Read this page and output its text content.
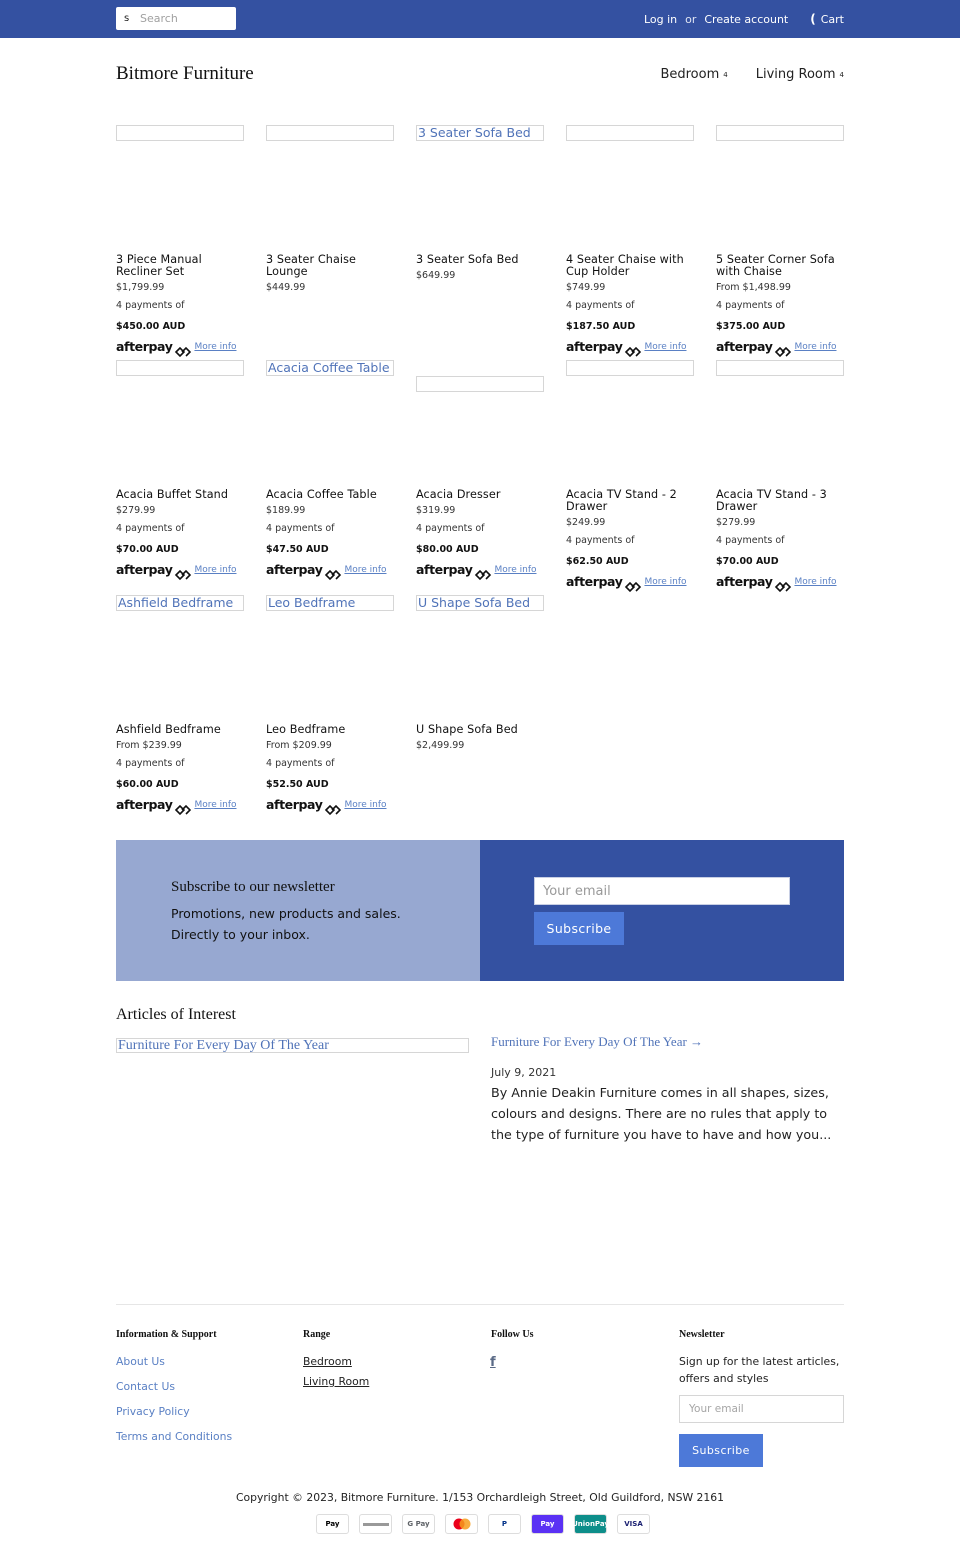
s
Search	Log in or Create account ( Cart
Bitmore Furniture	Bedroom 4 Living Room 4
3 Piece Manual Recliner Set
$1,799.99
4 payments of
$450.00 AUD
afterpay More info
3 Seater Chaise Lounge
$449.99
3 Seater Sofa Bed
3 Seater Sofa Bed
$649.99
4 Seater Chaise with Cup Holder
$749.99
4 payments of
$187.50 AUD
afterpay More info
5 Seater Corner Sofa with Chaise
From $1,498.99
4 payments of
$375.00 AUD
afterpay More info
Acacia Buffet Stand
$279.99
4 payments of
$70.00 AUD
afterpay More info
Acacia Coffee Table
Acacia Coffee Table
$189.99
4 payments of
$47.50 AUD
afterpay More info
Acacia Dresser
$319.99
4 payments of
$80.00 AUD
afterpay More info
Acacia TV Stand - 2 Drawer
$249.99
4 payments of
$62.50 AUD
afterpay More info
Acacia TV Stand - 3 Drawer
$279.99
4 payments of
$70.00 AUD
afterpay More info
Ashfield Bedframe
Ashfield Bedframe
From $239.99
4 payments of
$60.00 AUD
afterpay More info
Leo Bedframe
Leo Bedframe
From $209.99
4 payments of
$52.50 AUD
afterpay More info
U Shape Sofa Bed
U Shape Sofa Bed
$2,499.99
Subscribe to our newsletter
Promotions, new products and sales. Directly to your inbox.
Your email	Subscribe
Articles of Interest
Furniture For Every Day Of The Year	Furniture For Every Day Of The Year →
July 9, 2021
By Annie Deakin Furniture comes in all shapes, sizes, colours and designs. There are no rules that apply to the type of furniture you have to have and how you...
Information & Support
About Us
Contact Us
Privacy Policy
Terms and Conditions
Range
Bedroom
Living Room
Follow Us
f
Newsletter
Sign up for the latest articles, offers and styles
Your email
Subscribe
Copyright © 2023, Bitmore Furniture. 1/153 Orchardleigh Street, Old Guildford, NSW 2161
Pay	G Pay	P	Pay	UnionPay	VISA
